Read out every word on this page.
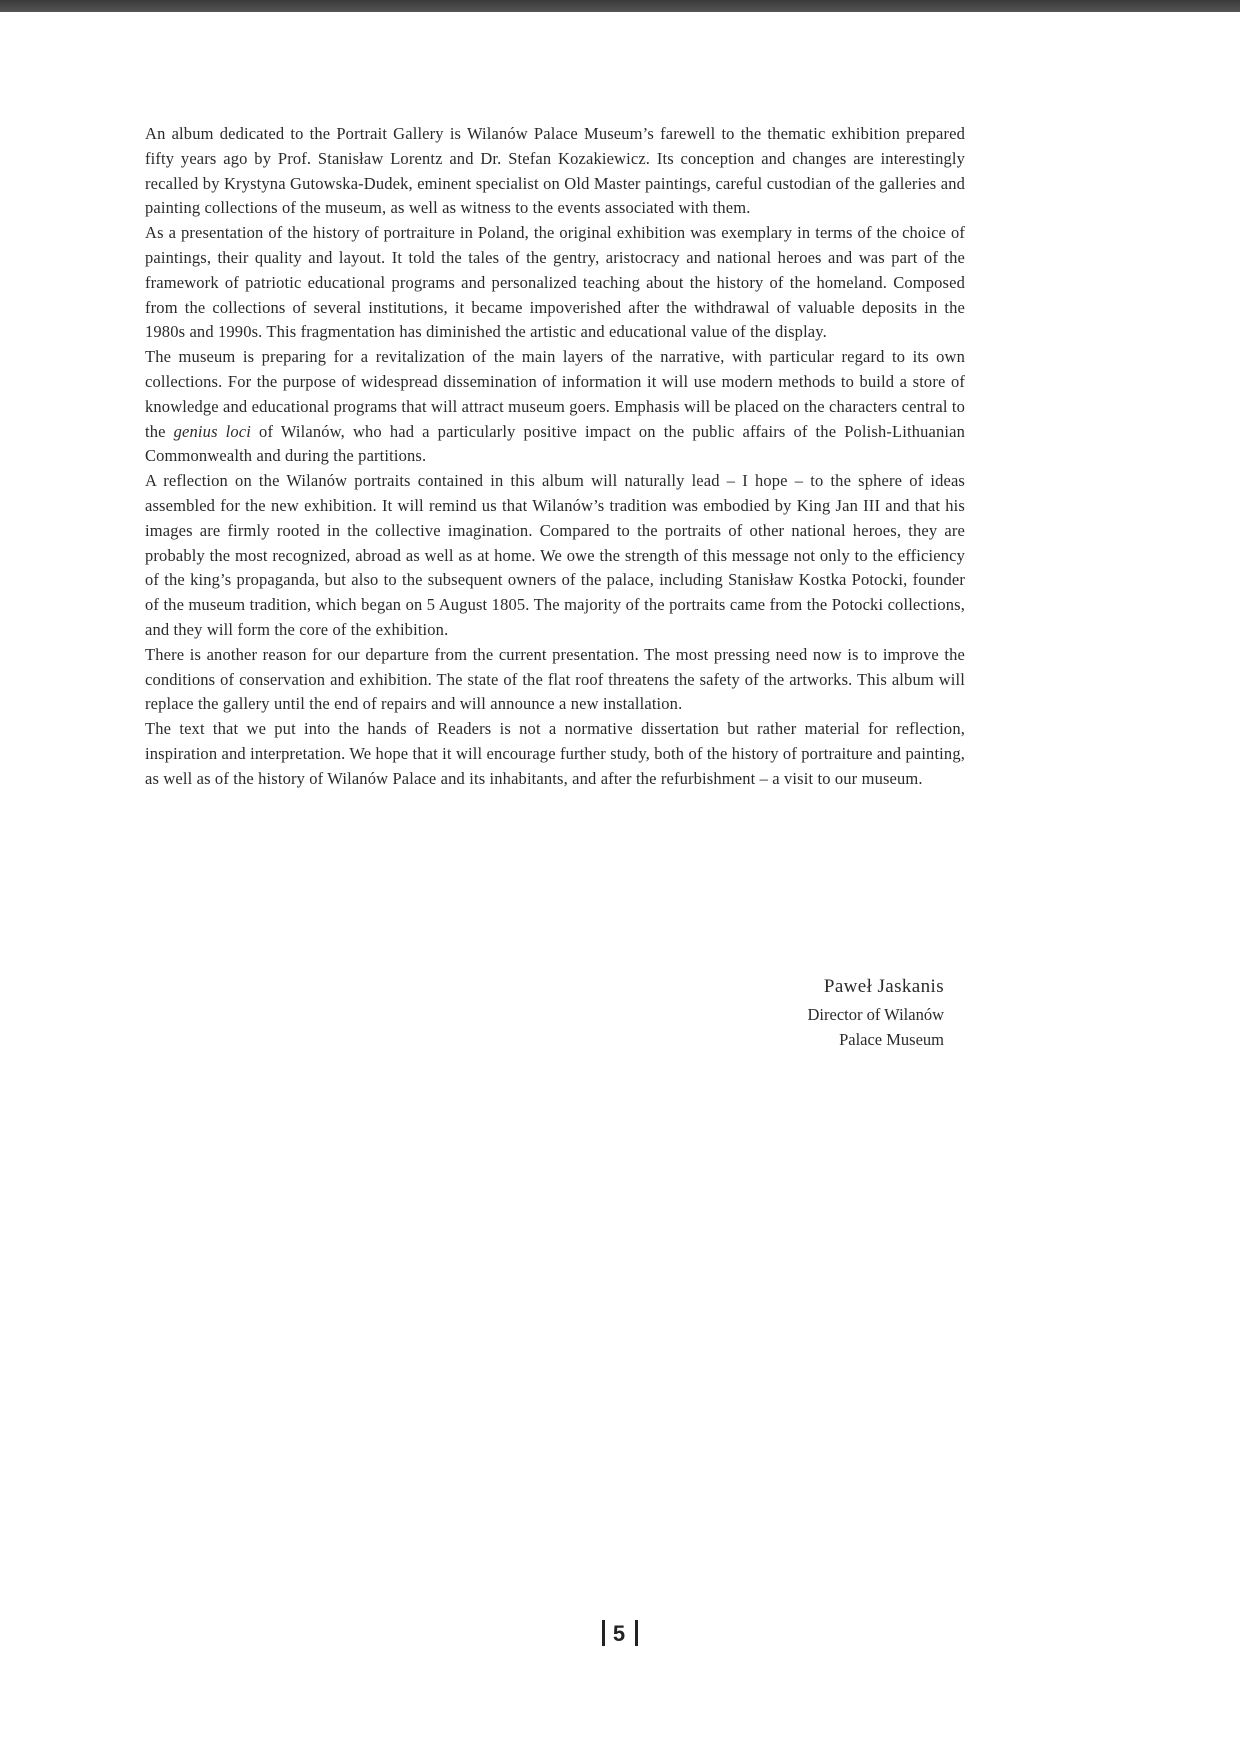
An album dedicated to the Portrait Gallery is Wilanów Palace Museum’s farewell to the thematic exhibition prepared fifty years ago by Prof. Stanisław Lorentz and Dr. Stefan Kozakiewicz. Its conception and changes are interestingly recalled by Krystyna Gutowska-Dudek, eminent specialist on Old Master paintings, careful custodian of the galleries and painting collections of the museum, as well as witness to the events associated with them.

As a presentation of the history of portraiture in Poland, the original exhibition was exemplary in terms of the choice of paintings, their quality and layout. It told the tales of the gentry, aristocracy and national heroes and was part of the framework of patriotic educational programs and personalized teaching about the history of the homeland. Composed from the collections of several institutions, it became impoverished after the withdrawal of valuable deposits in the 1980s and 1990s. This fragmentation has diminished the artistic and educational value of the display.

The museum is preparing for a revitalization of the main layers of the narrative, with particular regard to its own collections. For the purpose of widespread dissemination of information it will use modern methods to build a store of knowledge and educational programs that will attract museum goers. Emphasis will be placed on the characters central to the genius loci of Wilanów, who had a particularly positive impact on the public affairs of the Polish-Lithuanian Commonwealth and during the partitions.

A reflection on the Wilanów portraits contained in this album will naturally lead – I hope – to the sphere of ideas assembled for the new exhibition. It will remind us that Wilanów’s tradition was embodied by King Jan III and that his images are firmly rooted in the collective imagination. Compared to the portraits of other national heroes, they are probably the most recognized, abroad as well as at home. We owe the strength of this message not only to the efficiency of the king’s propaganda, but also to the subsequent owners of the palace, including Stanisław Kostka Potocki, founder of the museum tradition, which began on 5 August 1805. The majority of the portraits came from the Potocki collections, and they will form the core of the exhibition.

There is another reason for our departure from the current presentation. The most pressing need now is to improve the conditions of conservation and exhibition. The state of the flat roof threatens the safety of the artworks. This album will replace the gallery until the end of repairs and will announce a new installation.

The text that we put into the hands of Readers is not a normative dissertation but rather material for reflection, inspiration and interpretation. We hope that it will encourage further study, both of the history of portraiture and painting, as well as of the history of Wilanów Palace and its inhabitants, and after the refurbishment – a visit to our museum.

Paweł Jaskanis
Director of Wilanów
Palace Museum
5
